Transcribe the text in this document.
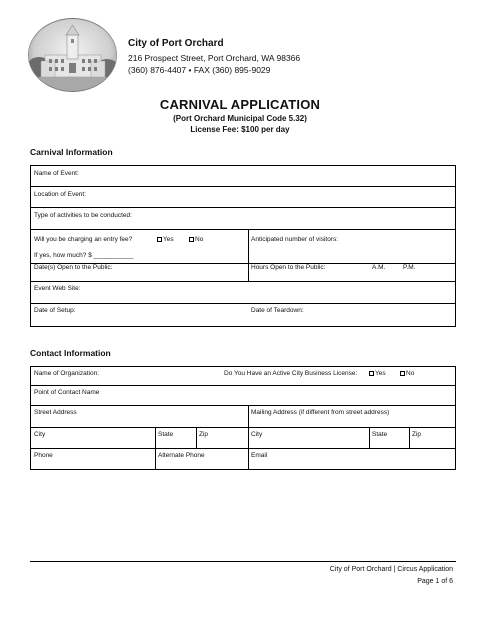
City of Port Orchard
216 Prospect Street, Port Orchard, WA 98366
(360) 876-4407 • FAX (360) 895-9029
CARNIVAL APPLICATION
(Port Orchard Municipal Code 5.32)
License Fee: $100 per day
Carnival Information
Name of Event:
Location of Event:
Type of activities to be conducted:
Will you be charging an entry fee?	Yes	No
If yes, how much? $ ___________
Anticipated number of visitors:
Date(s) Open to the Public:	Hours Open to the Public:	A.M.	P.M.
Event Web Site:
Date of Setup:	Date of Teardown:
Contact Information
Name of Organization:	Do You Have an Active City Business License:	Yes	No
Point of Contact Name
Street Address	Mailing Address (if different from street address)
City	State	Zip	City	State	Zip
Phone	Alternate Phone	Email
City of Port Orchard | Circus Application
Page 1 of 6
